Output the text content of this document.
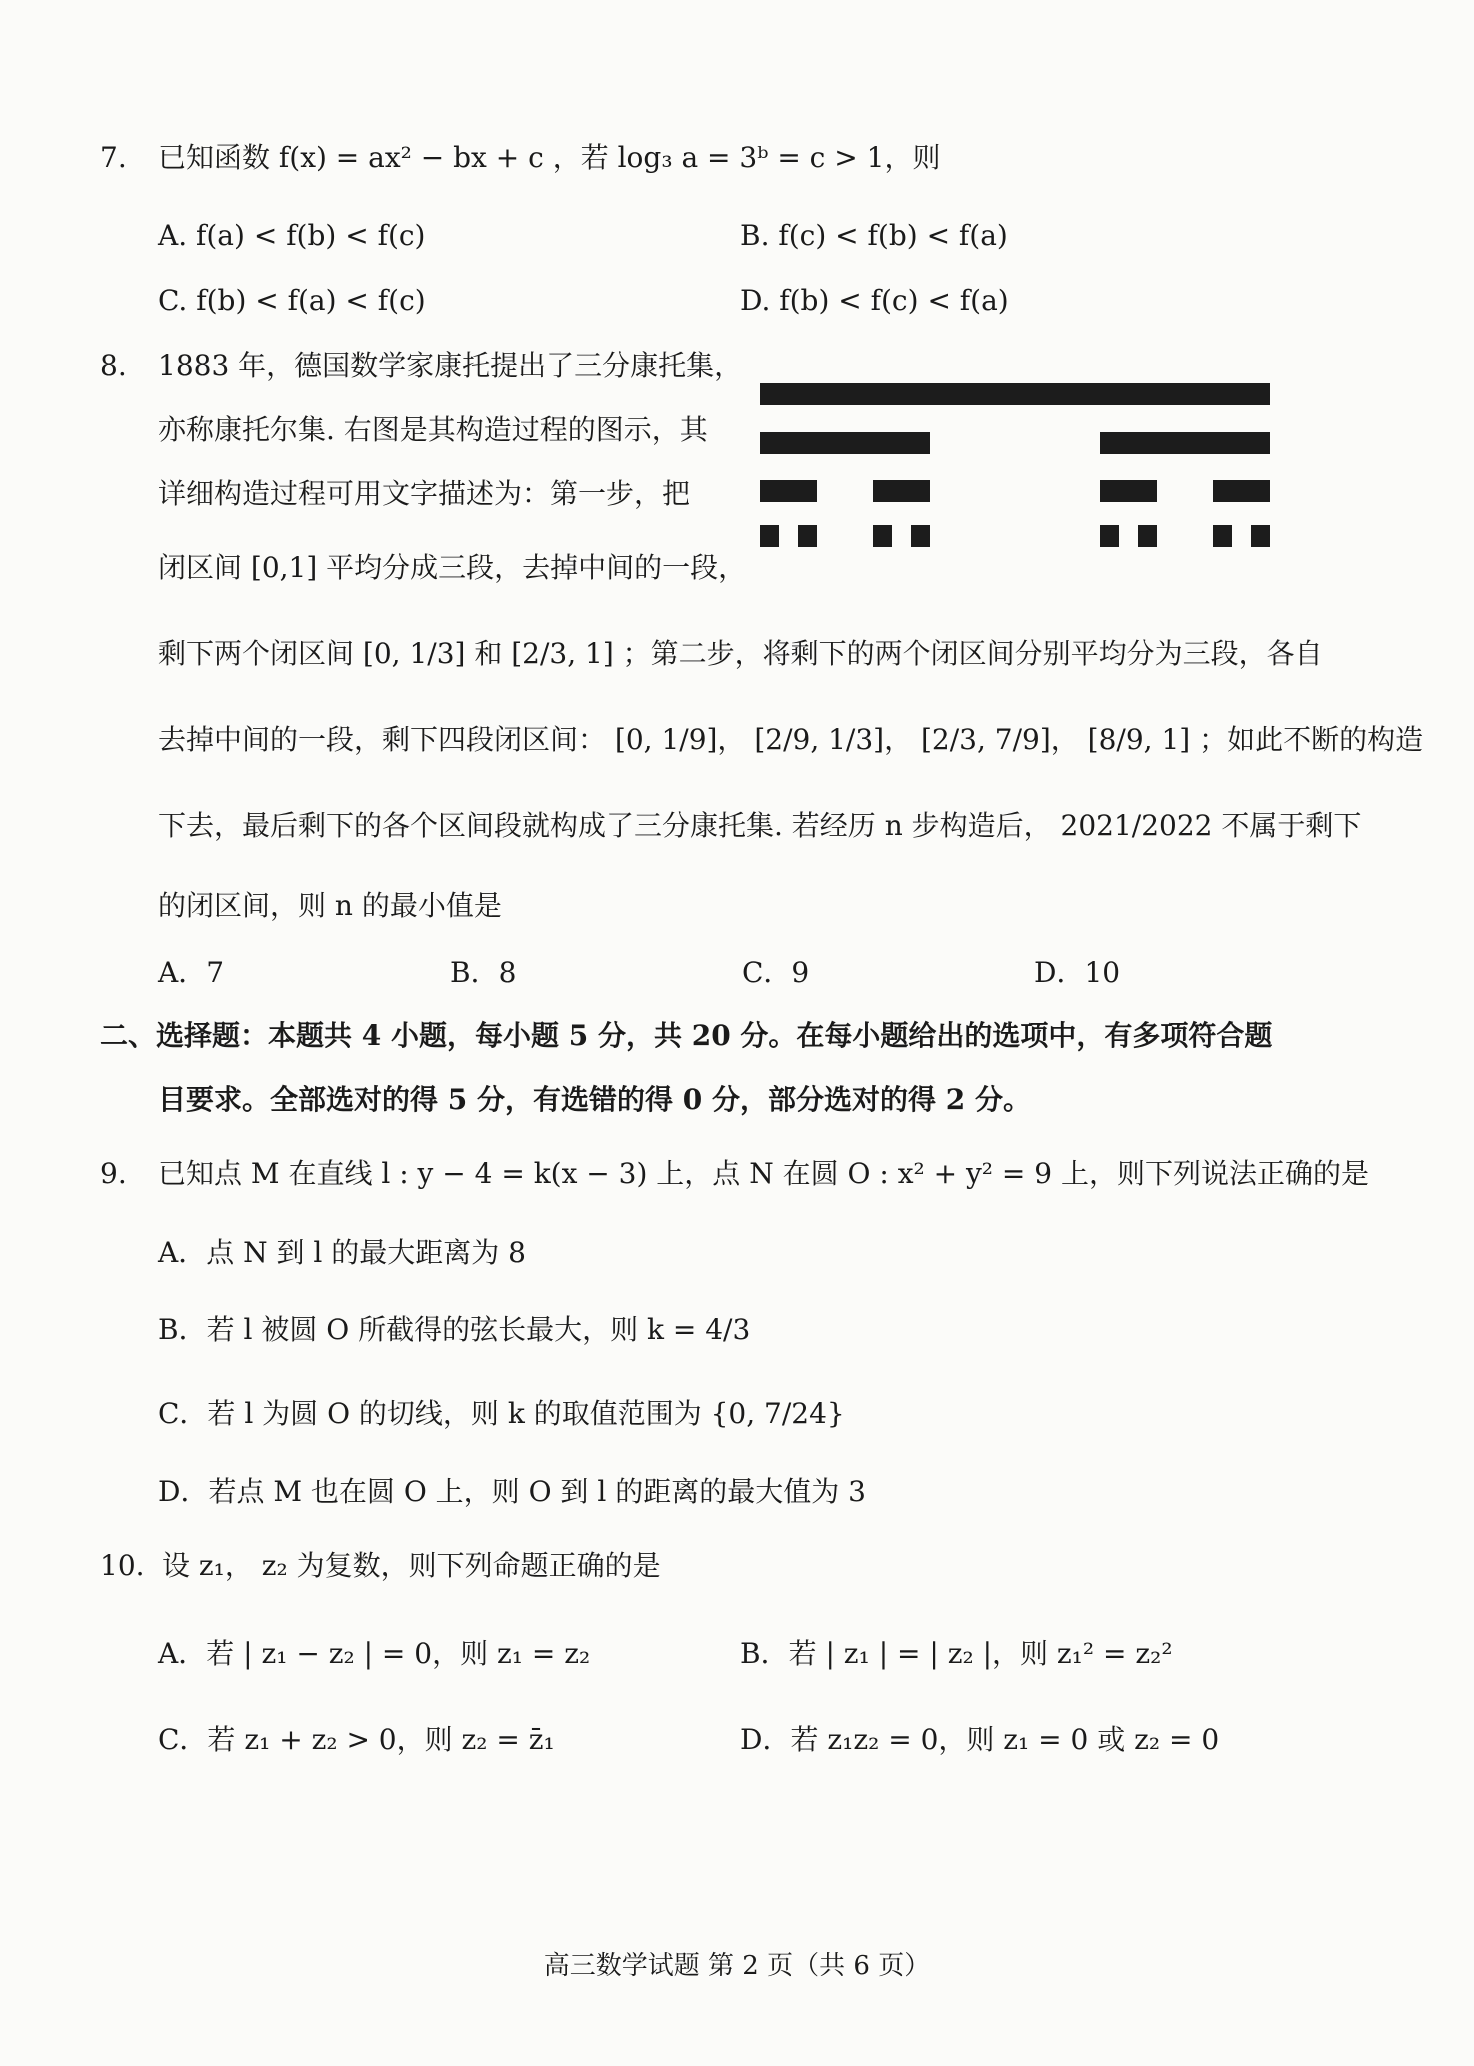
7. 已知函数 f(x) = ax² − bx + c ，若 log₃ a = 3ᵇ = c > 1，则
A. f(a) < f(b) < f(c)	B. f(c) < f(b) < f(a)
C. f(b) < f(a) < f(c)	D. f(b) < f(c) < f(a)
8. 1883 年，德国数学家康托提出了三分康托集，
亦称康托尔集. 右图是其构造过程的图示，其
详细构造过程可用文字描述为：第一步，把
闭区间 [0,1] 平均分成三段，去掉中间的一段，
剩下两个闭区间 [0, 1/3] 和 [2/3, 1] ；第二步，将剩下的两个闭区间分别平均分为三段，各自
去掉中间的一段，剩下四段闭区间： [0, 1/9]， [2/9, 1/3]， [2/3, 7/9]， [8/9, 1] ；如此不断的构造
下去，最后剩下的各个区间段就构成了三分康托集. 若经历 n 步构造后， 2021/2022 不属于剩下
的闭区间，则 n 的最小值是
A．7	B．8	C．9	D．10
二、选择题：本题共 4 小题，每小题 5 分，共 20 分。在每小题给出的选项中，有多项符合题
目要求。全部选对的得 5 分，有选错的得 0 分，部分选对的得 2 分。
9. 已知点 M 在直线 l : y − 4 = k(x − 3) 上，点 N 在圆 O : x² + y² = 9 上，则下列说法正确的是
A．点 N 到 l 的最大距离为 8
B．若 l 被圆 O 所截得的弦长最大，则 k = 4/3
C．若 l 为圆 O 的切线，则 k 的取值范围为 {0, 7/24}
D．若点 M 也在圆 O 上，则 O 到 l 的距离的最大值为 3
10. 设 z₁， z₂ 为复数，则下列命题正确的是
A．若 | z₁ − z₂ | = 0，则 z₁ = z₂	B．若 | z₁ | = | z₂ |，则 z₁² = z₂²
C．若 z₁ + z₂ > 0，则 z₂ = z̄₁	D．若 z₁z₂ = 0，则 z₁ = 0 或 z₂ = 0
高三数学试题 第 2 页（共 6 页）
